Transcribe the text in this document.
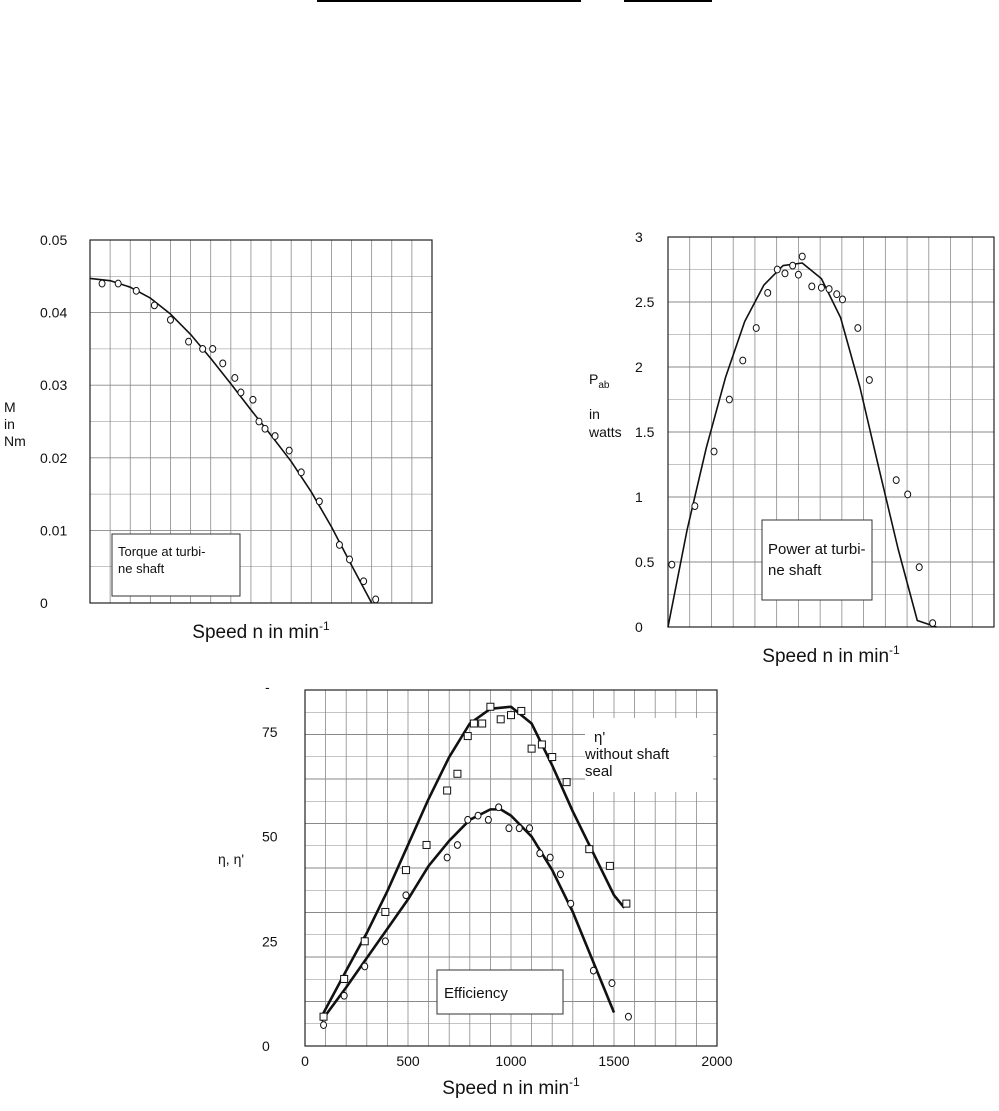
0
0.01
0.02
0.03
0.04
0.05
Speed n in $\min^{-1}$
M
in
Nm
Torque at turbi-
ne shaft
0
0.5
1
1.5
2
2.5
3
Speed n in $\min^{-1}$
$P_{ab}$
in
watts
Power at turbi-
ne shaft
0
25
50
75
0	500	1000	1500	2000
Speed n in $\min^{-1}$
η, η'
-
η'
without shaft
seal
Efficiency
